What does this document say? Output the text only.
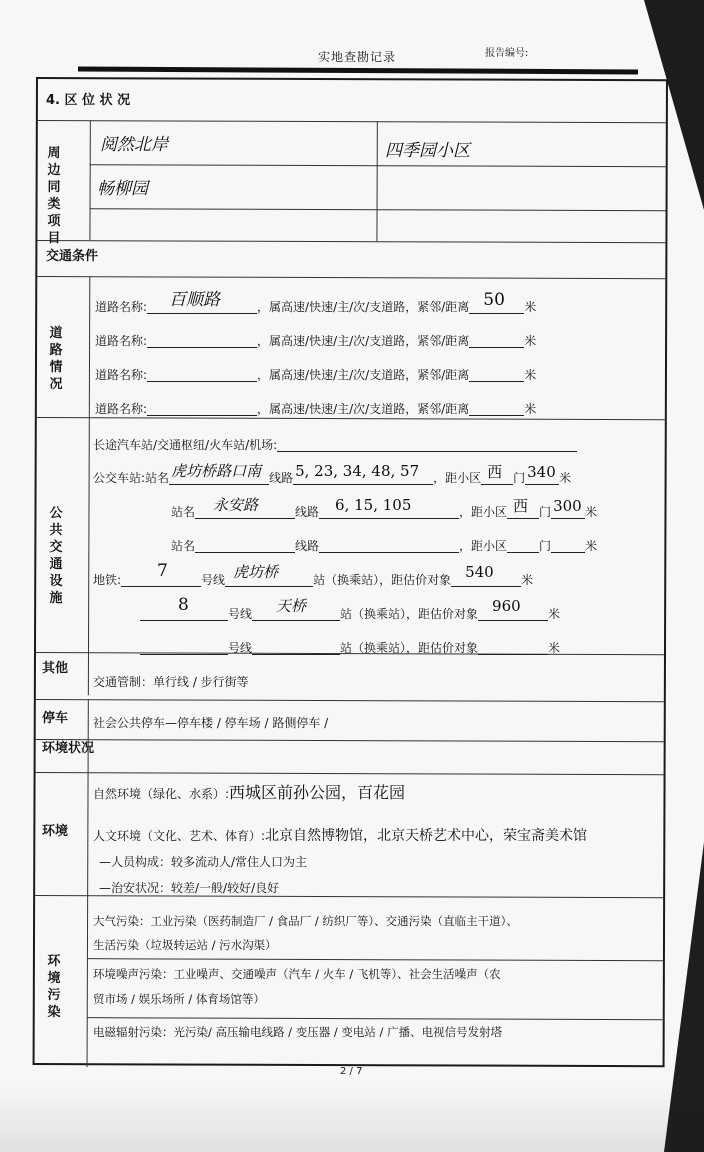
实地查勘记录	报告编号:
4. 区 位 状 况
周 边
同 类
项 目
阅然北岸	四季园小区
畅柳园
交通条件
道 路
情 况
道路名称: 百顺路	，属高速/快速/主/次/支道路，紧邻/距离 50 米
道路名称:	，属高速/快速/主/次/支道路，紧邻/距离	米
道路名称:	，属高速/快速/主/次/支道路，紧邻/距离	米
道路名称:	，属高速/快速/主/次/支道路，紧邻/距离	米
公 共
交 通
设 施
长途汽车站/交通枢纽/火车站/机场:
公交车站:站名 虎坊桥路口南 线路 5, 23, 34, 48, 57 ，距小区 西 门 340 米
站名 永安路	线路 6, 15, 105	，距小区 西 门 300 米
站名	线路	，距小区	门	米
地铁: 7	号线 虎坊桥	站（换乘站），距估价对象 540 米
8	号线 天桥	站（换乘站），距估价对象 960 米
号线	站（换乘站），距估价对象	米
其他
交通管制：单行线 / 步行街等
停车 社会公共停车—停车楼 / 停车场 / 路侧停车 /
环境状况
环境
自然环境（绿化、水系）:西城区前孙公园，百花园
人文环境（文化、艺术、体育）:北京自然博物馆，北京天桥艺术中心，荣宝斋美术馆
—人员构成：较多流动人/常住人口为主
—治安状况：较差/一般/较好/良好
环 境
污 染
大气污染：工业污染（医药制造厂 / 食品厂 / 纺织厂等）、交通污染（直临主干道）、
生活污染（垃圾转运站 / 污水沟渠）
环境噪声污染：工业噪声、交通噪声（汽车 / 火车 / 飞机等）、社会生活噪声（农
贸市场 / 娱乐场所 / 体育场馆等）
电磁辐射污染：光污染/ 高压输电线路 / 变压器 / 变电站 / 广播、电视信号发射塔
2 / 7
